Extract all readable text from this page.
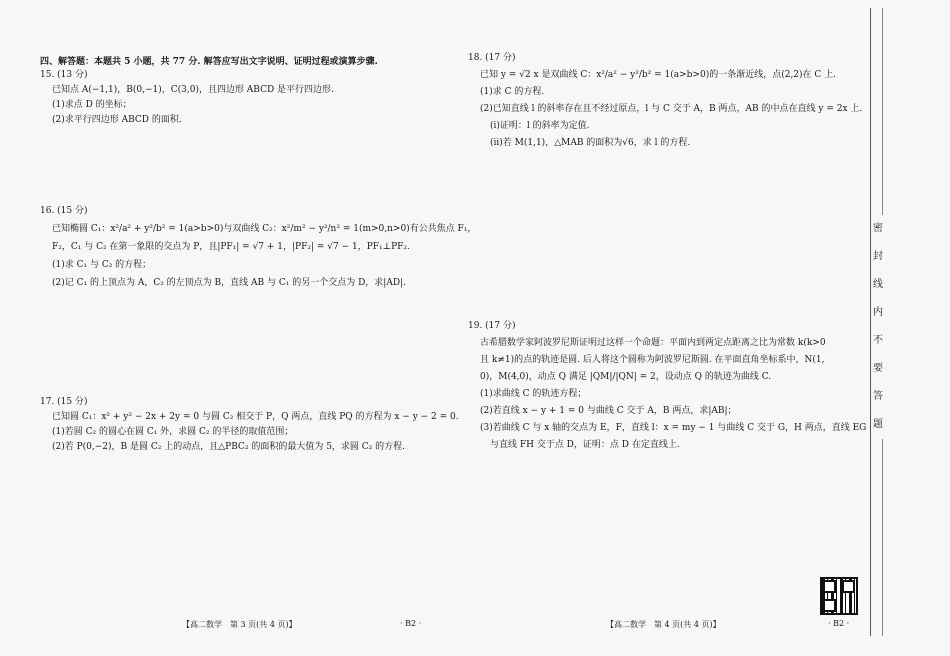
四、解答题：本题共 5 小题，共 77 分. 解答应写出文字说明、证明过程或演算步骤.

15. (13 分)

已知点 A(−1,1)，B(0,−1)，C(3,0)，且四边形 ABCD 是平行四边形.

(1)求点 D 的坐标；

(2)求平行四边形 ABCD 的面积.

16. (15 分)

已知椭圆 C₁：x²/a² + y²/b² = 1(a>b>0)与双曲线 C₂：x²/m² − y²/n² = 1(m>0,n>0)有公共焦点 F₁，

F₂，C₁ 与 C₂ 在第一象限的交点为 P，且|PF₁| = √7 + 1，|PF₂| = √7 − 1，PF₁⊥PF₂.

(1)求 C₁ 与 C₂ 的方程；

(2)记 C₁ 的上顶点为 A，C₂ 的左顶点为 B，直线 AB 与 C₁ 的另一个交点为 D，求|AD|.

17. (15 分)

已知圆 C₁：x² + y² − 2x + 2y = 0 与圆 C₂ 相交于 P，Q 两点，直线 PQ 的方程为 x − y − 2 = 0.

(1)若圆 C₂ 的圆心在圆 C₁ 外，求圆 C₂ 的半径的取值范围；

(2)若 P(0,−2)，B 是圆 C₂ 上的动点，且△PBC₂ 的面积的最大值为 5，求圆 C₂ 的方程.

【高二数学　第 3 页(共 4 页)】	· B2 ·

18. (17 分)

已知 y = √2 x 是双曲线 C：x²/a² − y²/b² = 1(a>b>0)的一条渐近线，点(2,2)在 C 上.

(1)求 C 的方程.

(2)已知直线 l 的斜率存在且不经过原点，l 与 C 交于 A，B 两点，AB 的中点在直线 y = 2x 上.

(i)证明：l 的斜率为定值.

(ii)若 M(1,1)，△MAB 的面积为√6，求 l 的方程.

19. (17 分)

古希腊数学家阿波罗尼斯证明过这样一个命题：平面内到两定点距离之比为常数 k(k>0

且 k≠1)的点的轨迹是圆. 后人将这个圆称为阿波罗尼斯圆. 在平面直角坐标系中，N(1,

0)，M(4,0)，动点 Q 满足 |QM|/|QN| = 2，设动点 Q 的轨迹为曲线 C.

(1)求曲线 C 的轨迹方程；

(2)若直线 x − y + 1 = 0 与曲线 C 交于 A，B 两点，求|AB|；

(3)若曲线 C 与 x 轴的交点为 E，F，直线 l：x = my − 1 与曲线 C 交于 G，H 两点，直线 EG

与直线 FH 交于点 D，证明：点 D 在定直线上.

【高二数学　第 4 页(共 4 页)】	· B2 ·
密
封
线
内
不
要
答
题
